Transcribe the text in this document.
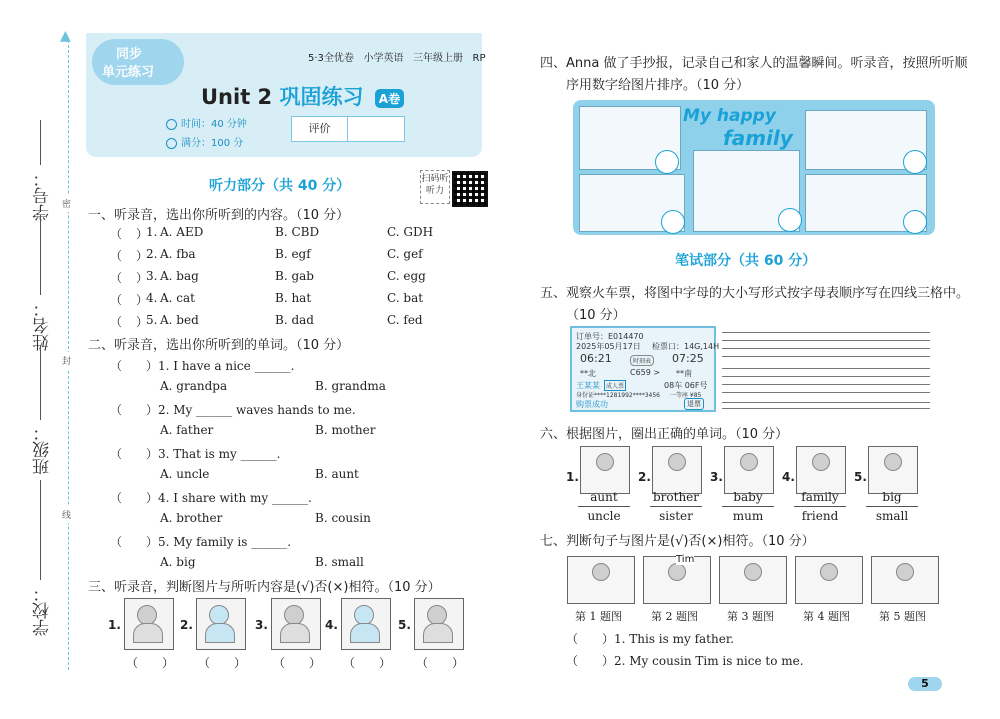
▲
学号：
姓名：
班级：
学校：
密
封
线
同步
单元练习
5·3全优卷 小学英语 三年级上册 RP
Unit 2 巩固练习 A卷
时间：40 分钟
满分：100 分
评价
听力部分（共 40 分）	扫码听听力
一、听录音，选出你所听到的内容。（10 分）
（ ）
1. A. AED	B. CBD	C. GDH
（ ）
2. A. fba	B. egf	C. gef
（ ）
3. A. bag	B. gab	C. egg
（ ）
4. A. cat	B. hat	C. bat
（ ）
5. A. bed	B. dad	C. fed
二、听录音，选出你所听到的单词。（10 分）
（　　）1. I have a nice ______.
A. grandpa	B. grandma
（　　）2. My ______ waves hands to me.
A. father	B. mother
（　　）3. That is my ______.
A. uncle	B. aunt
（　　）4. I share with my ______.
A. brother	B. cousin
（　　）5. My family is ______.
A. big	B. small
三、听录音，判断图片与所听内容是(√)否(×)相符。（10 分）
1.
（　　）
2.
（　　）
3.
（　　）
4.
（　　）
5.
（　　）
四、Anna 做了手抄报，记录自己和家人的温馨瞬间。听录音，按照所听顺
序用数字给图片排序。（10 分）
My happy
family
笔试部分（共 60 分）
五、观察火车票，将图中字母的大小写形式按字母表顺序写在四线三格中。
（10 分）
订单号：E014470
2025年05月17日 检票口：14G,14H
06:21	时刻表 07:25
**北	C659 > **南
王某某	成人票	08车 06F号
身份证****1281992****3456 一等座 ¥85
购票成功	退票
六、根据图片，圈出正确的单词。（10 分）
1.
aunt
uncle
2.
brother
sister
3.
baby
mum
4.
family
friend
5.
big
small
七、判断句子与图片是(√)否(×)相符。（10 分）
第 1 题图	第 2 题图	第 3 题图	第 4 题图	第 5 题图
Tim
（　　）1. This is my father.
（　　）2. My cousin Tim is nice to me.
5
